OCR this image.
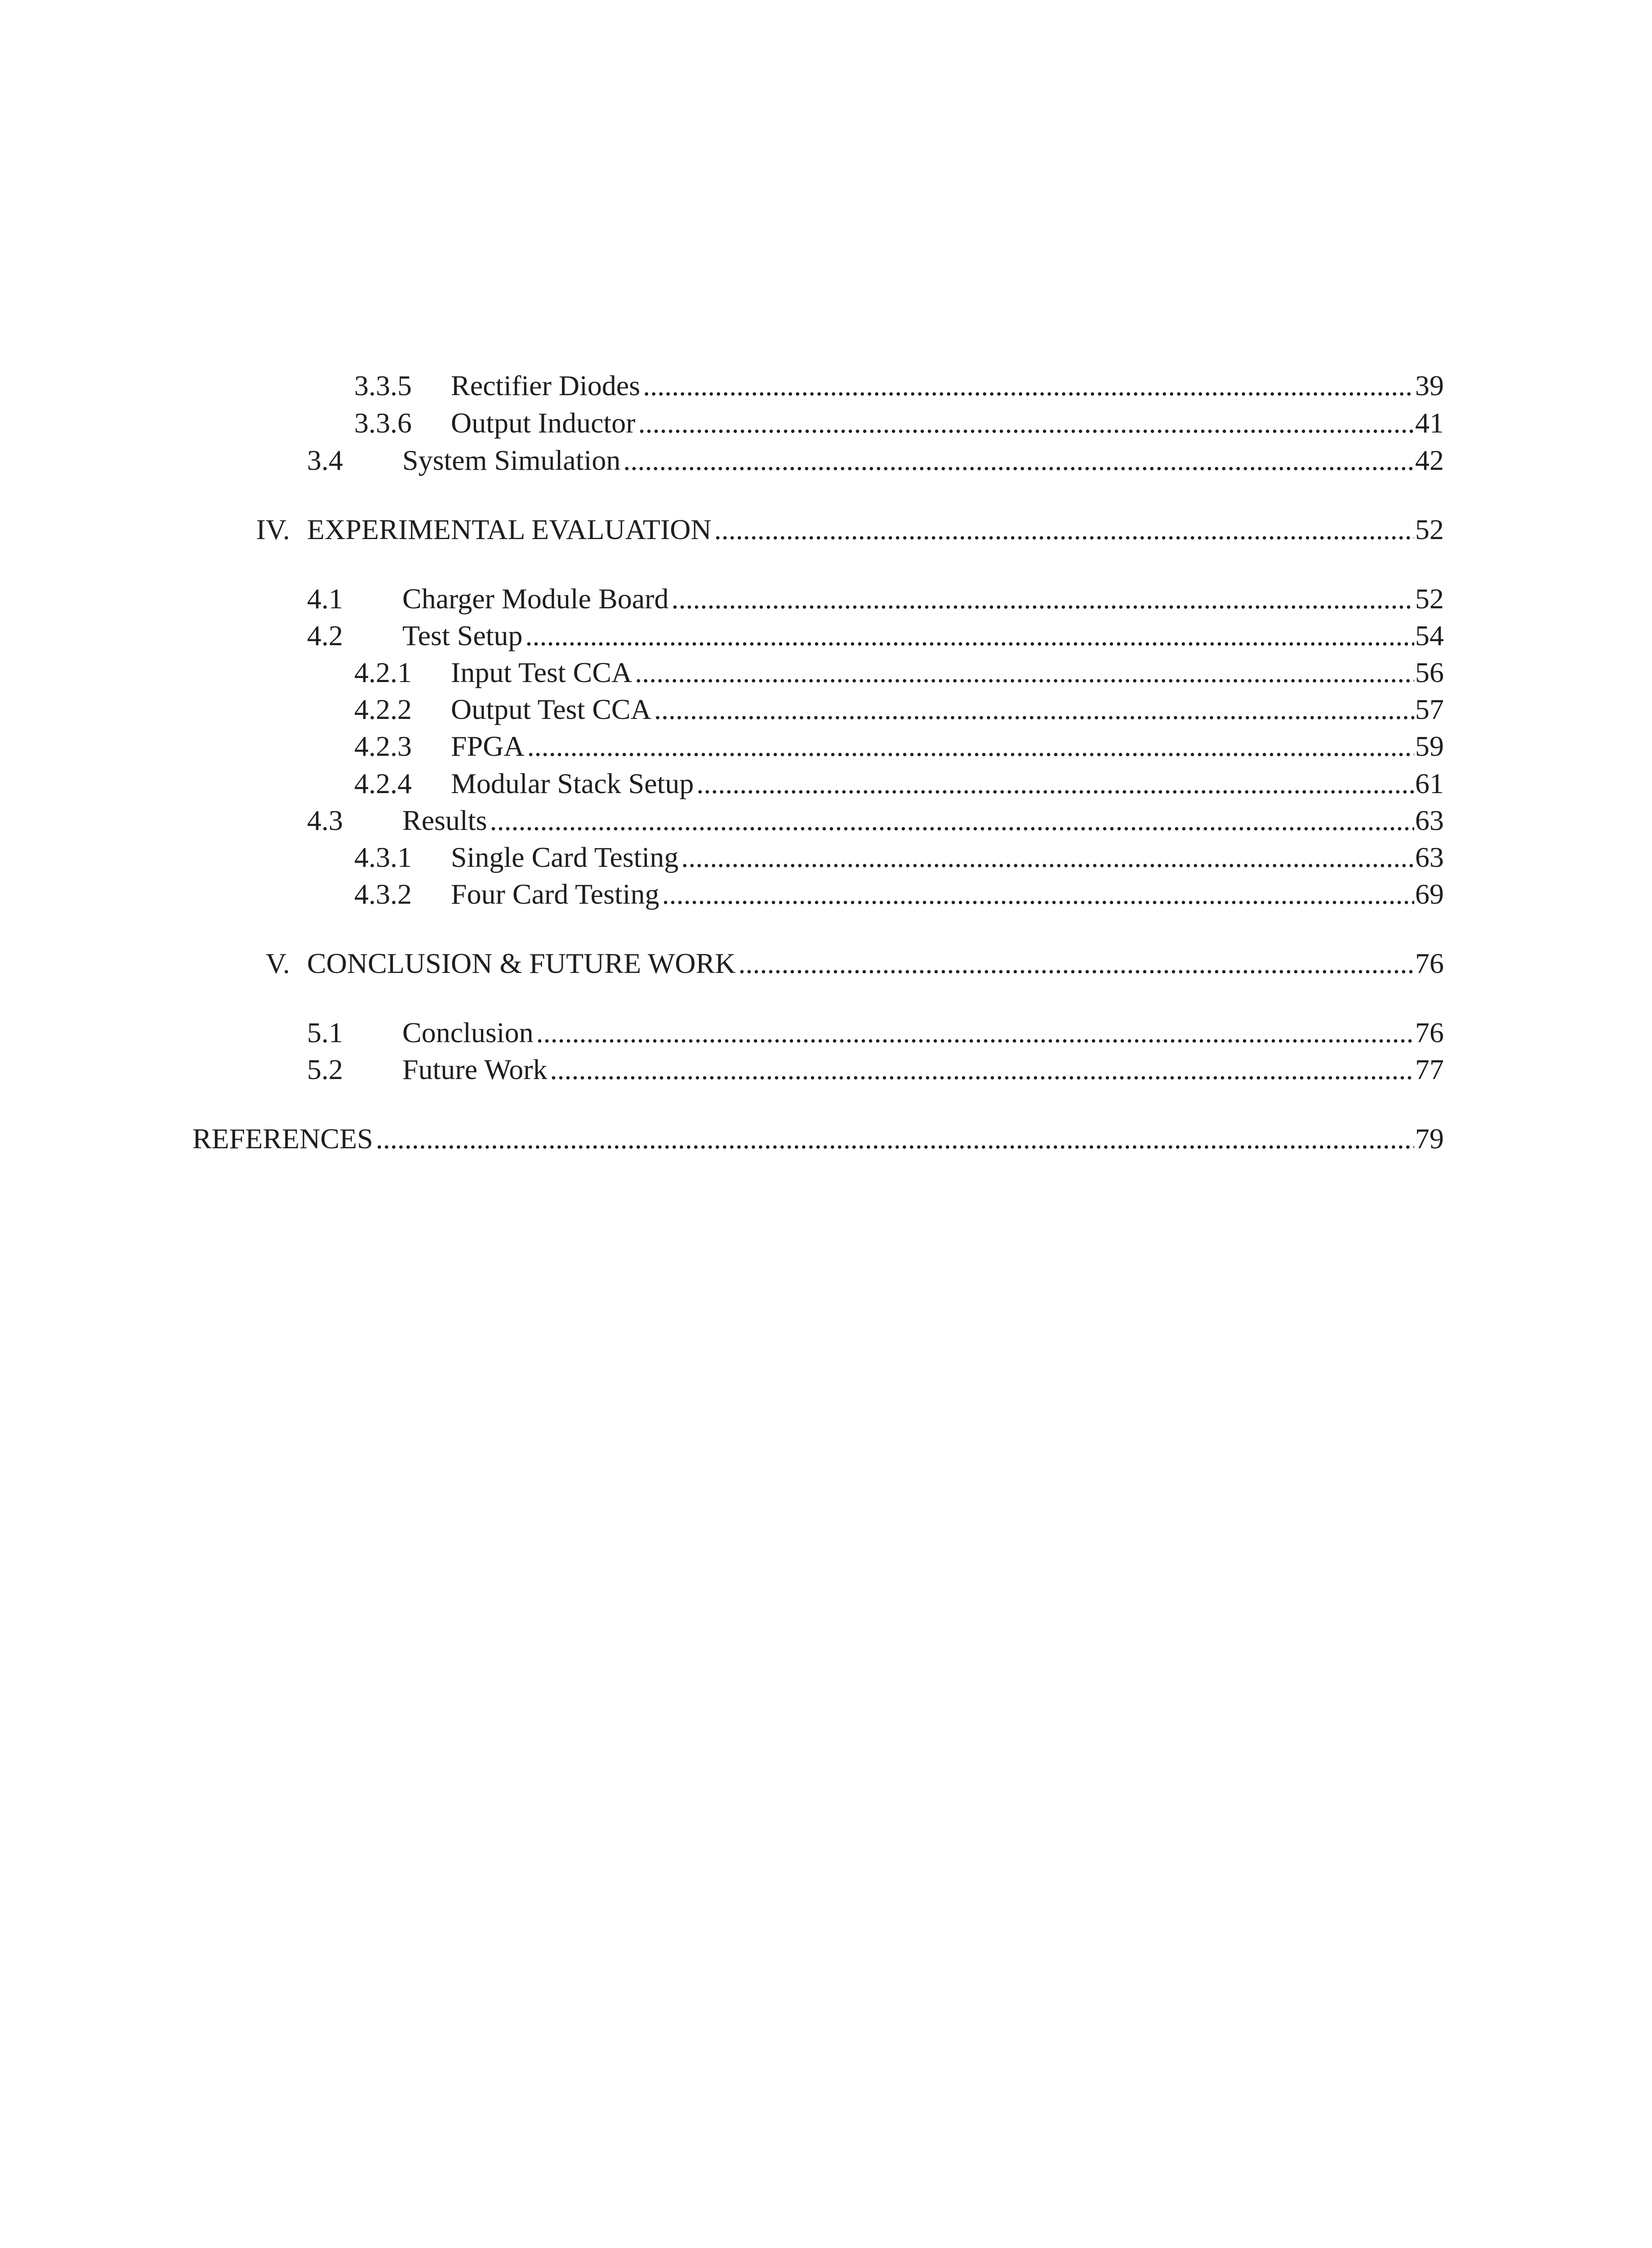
3.3.5 Rectifier Diodes .....	39
3.3.6 Output Inductor .....	41
3.4 System Simulation .....	42
IV. EXPERIMENTAL EVALUATION .....	52
4.1 Charger Module Board .....	52
4.2 Test Setup .....	54
4.2.1 Input Test CCA .....	56
4.2.2 Output Test CCA .....	57
4.2.3 FPGA .....	59
4.2.4 Modular Stack Setup .....	61
4.3 Results .....	63
4.3.1 Single Card Testing .....	63
4.3.2 Four Card Testing .....	69
V. CONCLUSION & FUTURE WORK .....	76
5.1 Conclusion .....	76
5.2 Future Work .....	77
REFERENCES .....	79
